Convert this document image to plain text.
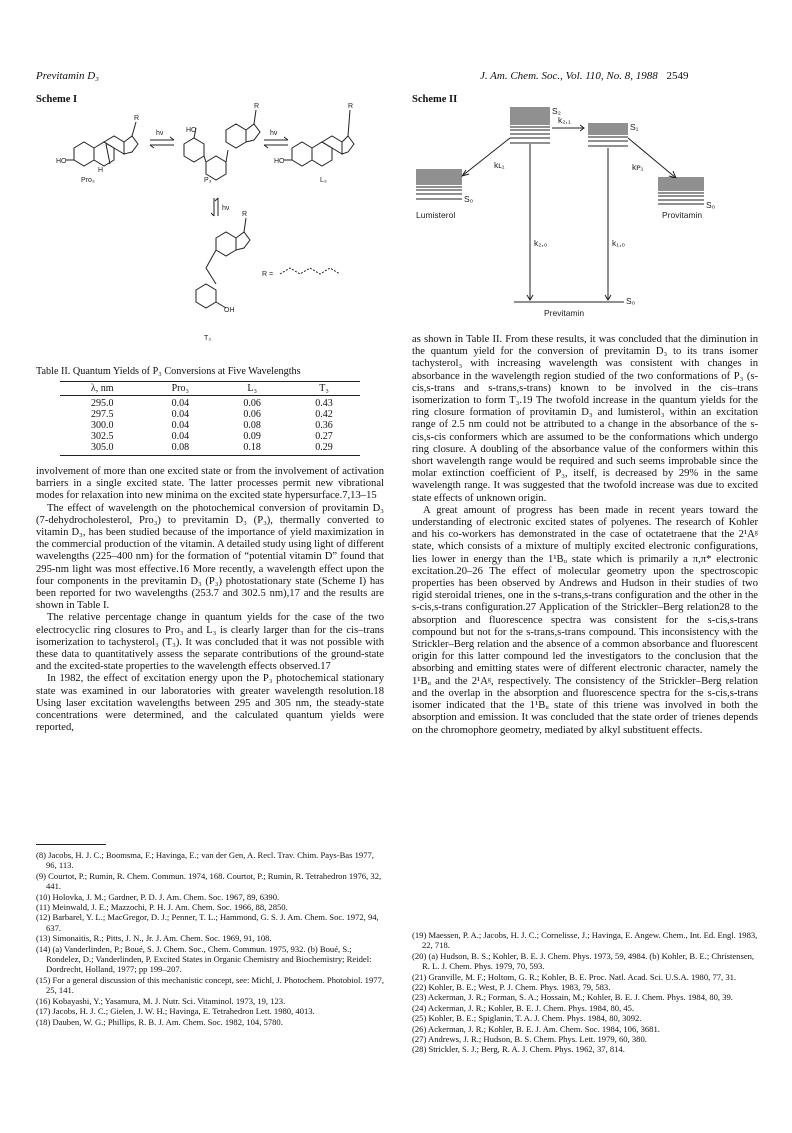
Previtamin D₃	J. Am. Chem. Soc., Vol. 110, No. 8, 1988 2549
Scheme I
HO
R
H
hν	HO
R
hν
HO
R
Pro₃	P₃	L₃
hν
R
OH
R =
T₃
Table II. Quantum Yields of P₃ Conversions at Five Wavelengths
λ, nm	Pro₃	L₃	T₃

295.0	0.04	0.06	0.43
297.5	0.04	0.06	0.42
300.0	0.04	0.08	0.36
302.5	0.04	0.09	0.27
305.0	0.08	0.18	0.29

involvement of more than one excited state or from the involvement of activation barriers in a single excited state. The latter processes permit new vibrational modes for relaxation into new minima on the excited state hypersurface.7,13–15

The effect of wavelength on the photochemical conversion of provitamin D₃ (7-dehydrocholesterol, Pro₃) to previtamin D₃ (P₃), thermally converted to vitamin D₃, has been studied because of the importance of yield maximization in the commercial production of the vitamin. A detailed study using light of different wavelengths (225–400 nm) for the formation of “potential vitamin D” found that 295-nm light was most effective.16 More recently, a wavelength effect upon the four components in the previtamin D₃ (P₃) photostationary state (Scheme I) has been reported for two wavelengths (253.7 and 302.5 nm),17 and the results are shown in Table I.

The relative percentage change in quantum yields for the case of the two electrocyclic ring closures to Pro₃ and L₃ is clearly larger than for the cis–trans isomerization to tachysterol₃ (T₃). It was concluded that it was not possible with these data to quantitatively assess the separate contributions of the ground-state and the excited-state properties to the wavelength effects observed.17

In 1982, the effect of excitation energy upon the P₃ photochemical stationary state was examined in our laboratories with greater wavelength resolution.18 Using laser excitation wavelengths between 295 and 305 nm, the steady-state concentrations were determined, and the calculated quantum yields were reported,

(8) Jacobs, H. J. C.; Boomsma, F.; Havinga, E.; van der Gen, A. Recl. Trav. Chim. Pays-Bas 1977, 96, 113.
(9) Courtot, P.; Rumin, R. Chem. Commun. 1974, 168. Courtot, P.; Rumin, R. Tetrahedron 1976, 32, 441.
(10) Holovka, J. M.; Gardner, P. D. J. Am. Chem. Soc. 1967, 89, 6390.
(11) Meinwald, J. E.; Mazzochi, P. H. J. Am. Chem. Soc. 1966, 88, 2850.
(12) Barbarel, Y. L.; MacGregor, D. J.; Penner, T. L.; Hammond, G. S. J. Am. Chem. Soc. 1972, 94, 637.
(13) Simonaitis, R.; Pitts, J. N., Jr. J. Am. Chem. Soc. 1969, 91, 108.
(14) (a) Vanderlinden, P.; Boué, S. J. Chem. Soc., Chem. Commun. 1975, 932. (b) Boué, S.; Rondelez, D.; Vanderlinden, P. Excited States in Organic Chemistry and Biochemistry; Reidel: Dordrecht, Holland, 1977; pp 199–207.
(15) For a general discussion of this mechanistic concept, see: Michl, J. Photochem. Photobiol. 1977, 25, 141.
(16) Kobayashi, Y.; Yasamura, M. J. Nutr. Sci. Vitaminol. 1973, 19, 123.
(17) Jacobs, H. J. C.; Gielen, J. W. H.; Havinga, E. Tetrahedron Lett. 1980, 4013.
(18) Dauben, W. G.; Phillips, R. B. J. Am. Chem. Soc. 1982, 104, 5780.
Scheme II
S₂
S₁
k₂,₁
kʟ₁	kᴘ₁
S₀
S₀
Lumisterol	Provitamin
k₂,₀	k₁,₀
S₀
Previtamin

as shown in Table II. From these results, it was concluded that the diminution in the quantum yield for the conversion of previtamin D₃ to its trans isomer tachysterol₃ with increasing wavelength was consistent with changes in absorbance in the wavelength region studied of the two conformations of P₃ (s-cis,s-trans and s-trans,s-trans) known to be involved in the cis–trans isomerization to form T₃.19 The twofold increase in the quantum yields for the ring closure formation of provitamin D₃ and lumisterol₃ within an excitation range of 2.5 nm could not be attributed to a change in the absorbance of the s-cis,s-cis conformers which are assumed to be the conformations which undergo ring closure. A doubling of the absorbance value of the conformers within this short wavelength range would be required and such seems improbable since the molar extinction coefficient of P₃, itself, is decreased by 29% in the same wavelength range. It was suggested that the twofold increase was due to excited state effects of unknown origin.

A great amount of progress has been made in recent years toward the understanding of electronic excited states of polyenes. The research of Kohler and his co-workers has demonstrated in the case of octatetraene that the 2¹Aᵍ state, which consists of a mixture of multiply excited electronic configurations, lies lower in energy than the 1¹Bᵤ state which is primarily a π,π* electronic excitation.20–26 The effect of molecular geometry upon the spectroscopic properties has been observed by Andrews and Hudson in their studies of two rigid steroidal trienes, one in the s-trans,s-trans configuration and the other in the s-cis,s-trans configuration.27 Application of the Strickler–Berg relation28 to the absorption and fluorescence spectra was consistent for the s-cis,s-trans compound but not for the s-trans,s-trans compound. This inconsistency with the Strickler–Berg relation and the absence of a common absorbance and fluorescent origin for this latter compound led the investigators to the conclusion that the absorbing and emitting states were of different electronic character, namely the 1¹Bᵤ and the 2¹Aᵍ, respectively. The consistency of the Strickler–Berg relation and the overlap in the absorption and fluorescence spectra for the s-cis,s-trans isomer indicated that the 1¹Bᵤ state of this triene was involved in both the absorption and emission. It was concluded that the state order of trienes depends on the chromophore geometry, mediated by alkyl substituent effects.

(19) Maessen, P. A.; Jacobs, H. J. C.; Cornelisse, J.; Havinga, E. Angew. Chem., Int. Ed. Engl. 1983, 22, 718.
(20) (a) Hudson, B. S.; Kohler, B. E. J. Chem. Phys. 1973, 59, 4984. (b) Kohler, B. E.; Christensen, R. L. J. Chem. Phys. 1979, 70, 593.
(21) Granville, M. F.; Holtom, G. R.; Kohler, B. E. Proc. Natl. Acad. Sci. U.S.A. 1980, 77, 31.
(22) Kohler, B. E.; West, P. J. Chem. Phys. 1983, 79, 583.
(23) Ackerman, J. R.; Forman, S. A.; Hossain, M.; Kohler, B. E. J. Chem. Phys. 1984, 80, 39.
(24) Ackerman, J. R.; Kohler, B. E. J. Chem. Phys. 1984, 80, 45.
(25) Kohler, B. E.; Spiglanin, T. A. J. Chem. Phys. 1984, 80, 3092.
(26) Ackerman, J. R.; Kohler, B. E. J. Am. Chem. Soc. 1984, 106, 3681.
(27) Andrews, J. R.; Hudson, B. S. Chem. Phys. Lett. 1979, 60, 380.
(28) Strickler, S. J.; Berg, R. A. J. Chem. Phys. 1962, 37, 814.
